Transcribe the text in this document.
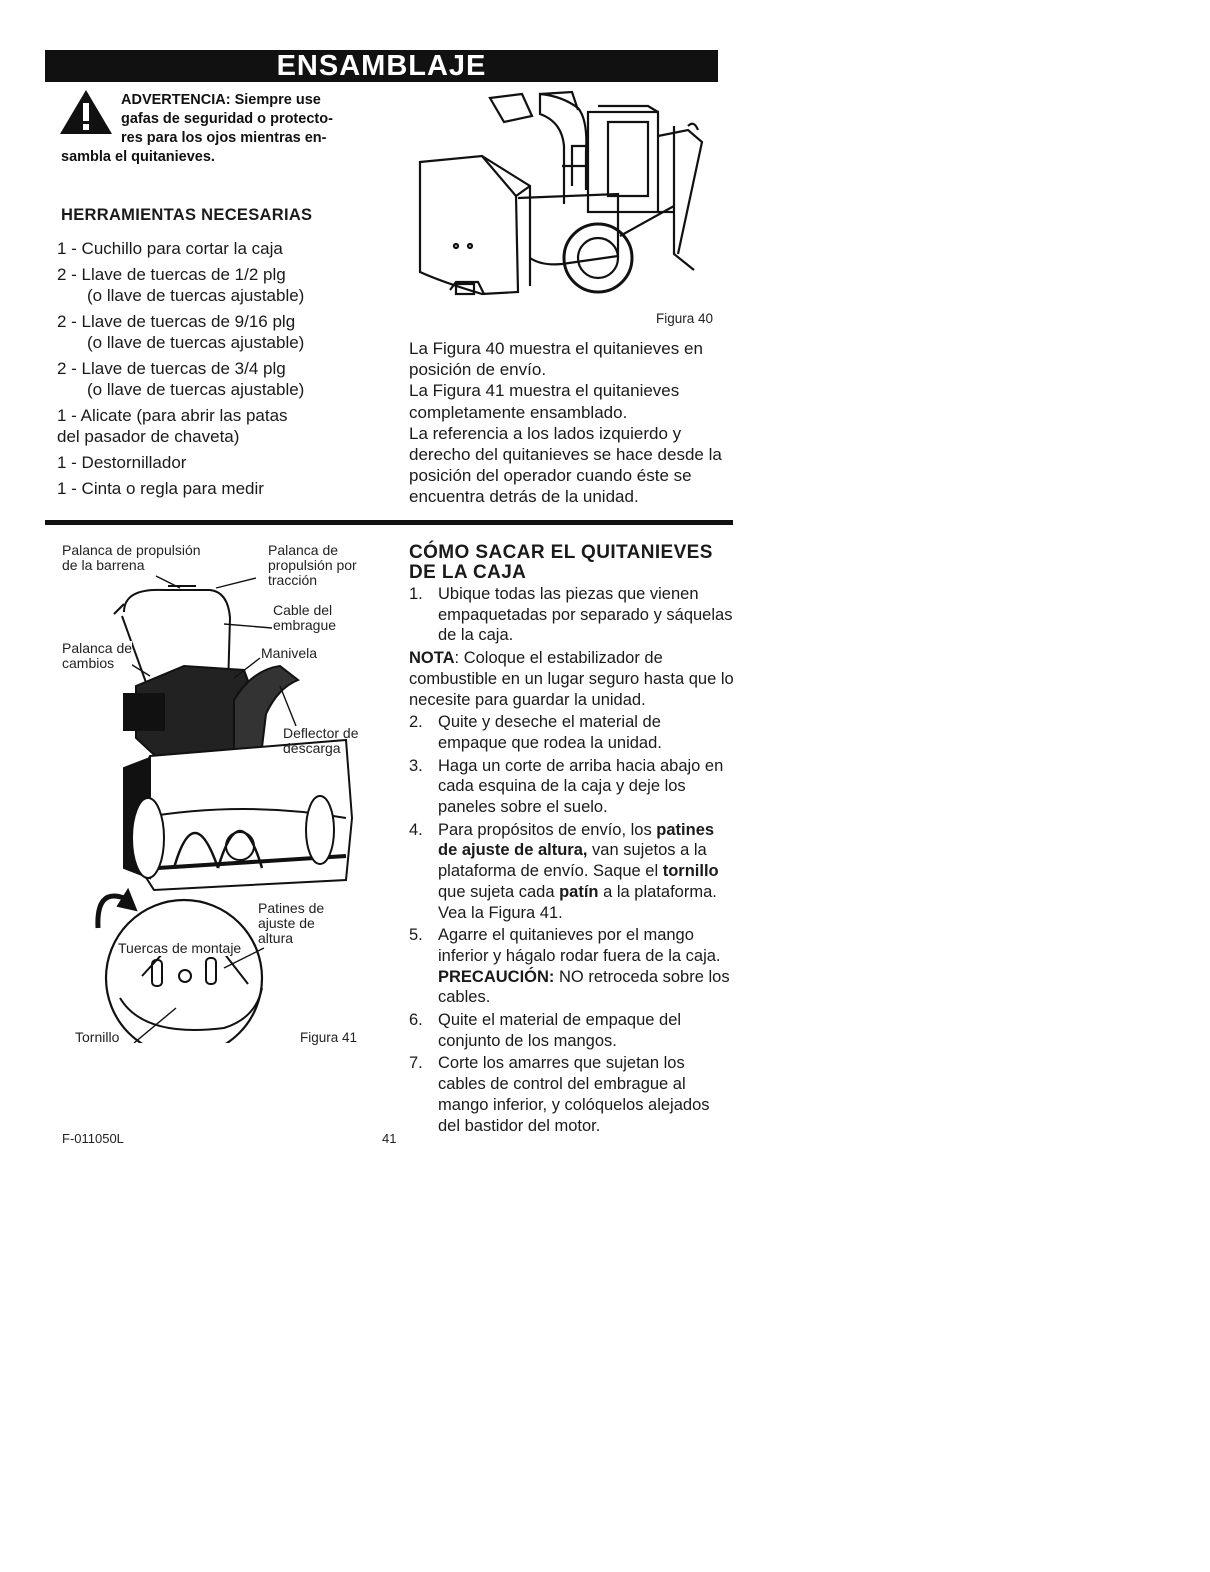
ENSAMBLAJE
ADVERTENCIA: Siempre use
gafas de seguridad o protecto-
res para los ojos mientras en-
sambla el quitanieves.
HERRAMIENTAS NECESARIAS
1 - Cuchillo para cortar la caja
2 - Llave de tuercas de 1/2 plg
(o llave de tuercas ajustable)
2 - Llave de tuercas de 9/16 plg
(o llave de tuercas ajustable)
2 - Llave de tuercas de 3/4 plg
(o llave de tuercas ajustable)
1 - Alicate (para abrir las patas
del pasador de chaveta)
1 - Destornillador
1 - Cinta o regla para medir
Figura 40

La Figura 40 muestra el quitanieves en posición de envío.

La Figura 41 muestra el quitanieves completamente ensamblado.

La referencia a los lados izquierdo y derecho del quitanieves se hace desde la posición del operador cuando éste se encuentra detrás de la unidad.

Palanca de propulsión
de la barrena
Palanca de
propulsión por
tracción
Cable del
embrague
Palanca de
cambios
Manivela
Deflector de
descarga
Patines de
ajuste de
altura
Tuercas de montaje
Tornillo	Figura 41
CÓMO SACAR EL QUITANIEVES
DE LA CAJA
1. Ubique todas las piezas que vienen empaquetadas por separado y sáquelas de la caja.
NOTA: Coloque el estabilizador de combustible en un lugar seguro hasta que lo necesite para guardar la unidad.
2. Quite y deseche el material de empaque que rodea la unidad.
3. Haga un corte de arriba hacia abajo en cada esquina de la caja y deje los paneles sobre el suelo.
4. Para propósitos de envío, los patines de ajuste de altura, van sujetos a la plataforma de envío. Saque el tornillo que sujeta cada patín a la plataforma. Vea la Figura 41.
5. Agarre el quitanieves por el mango inferior y hágalo rodar fuera de la caja. PRECAUCIÓN: NO retroceda sobre los cables.
6. Quite el material de empaque del conjunto de los mangos.
7. Corte los amarres que sujetan los cables de control del embrague al mango inferior, y colóquelos alejados del bastidor del motor.
F-011050L	41
